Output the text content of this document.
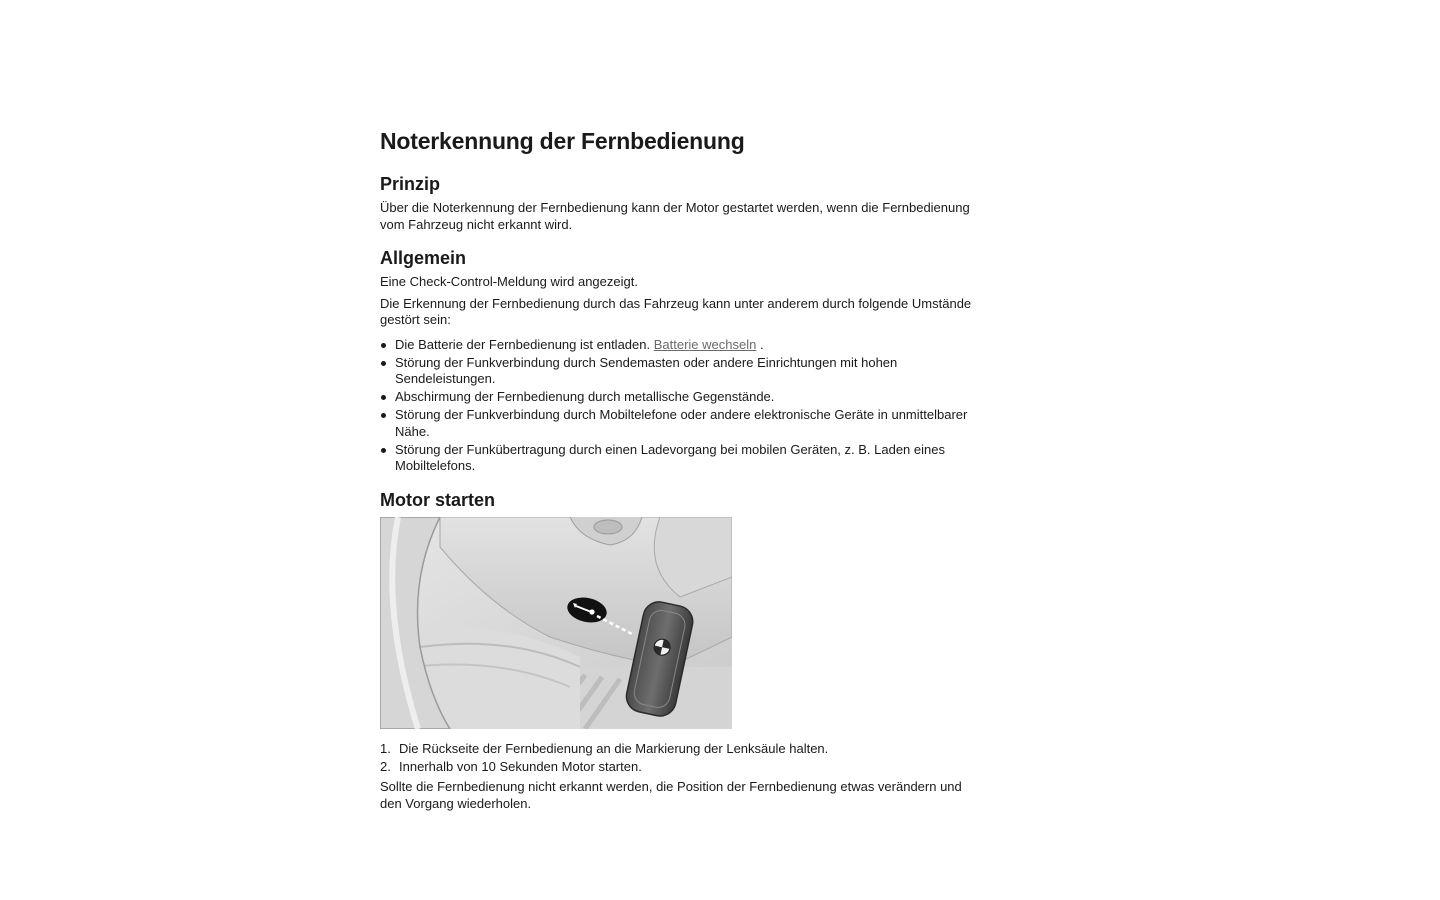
Noterkennung der Fernbedienung
Prinzip

Über die Noterkennung der Fernbedienung kann der Motor gestartet werden, wenn die Fernbedienung vom Fahrzeug nicht erkannt wird.

Allgemein

Eine Check-Control-Meldung wird angezeigt.

Die Erkennung der Fernbedienung durch das Fahrzeug kann unter anderem durch folgende Umstände gestört sein:

Die Batterie der Fernbedienung ist entladen. Batterie wechseln .
Störung der Funkverbindung durch Sendemasten oder andere Einrichtungen mit hohen Sendeleistungen.
Abschirmung der Fernbedienung durch metallische Gegenstände.
Störung der Funkverbindung durch Mobiltelefone oder andere elektronische Geräte in unmittelbarer Nähe.
Störung der Funkübertragung durch einen Ladevorgang bei mobilen Geräten, z. B. Laden eines Mobiltelefons.
Motor starten
1. Die Rückseite der Fernbedienung an die Markierung der Lenksäule halten.
2. Innerhalb von 10 Sekunden Motor starten.

Sollte die Fernbedienung nicht erkannt werden, die Position der Fernbedienung etwas verändern und den Vorgang wiederholen.
